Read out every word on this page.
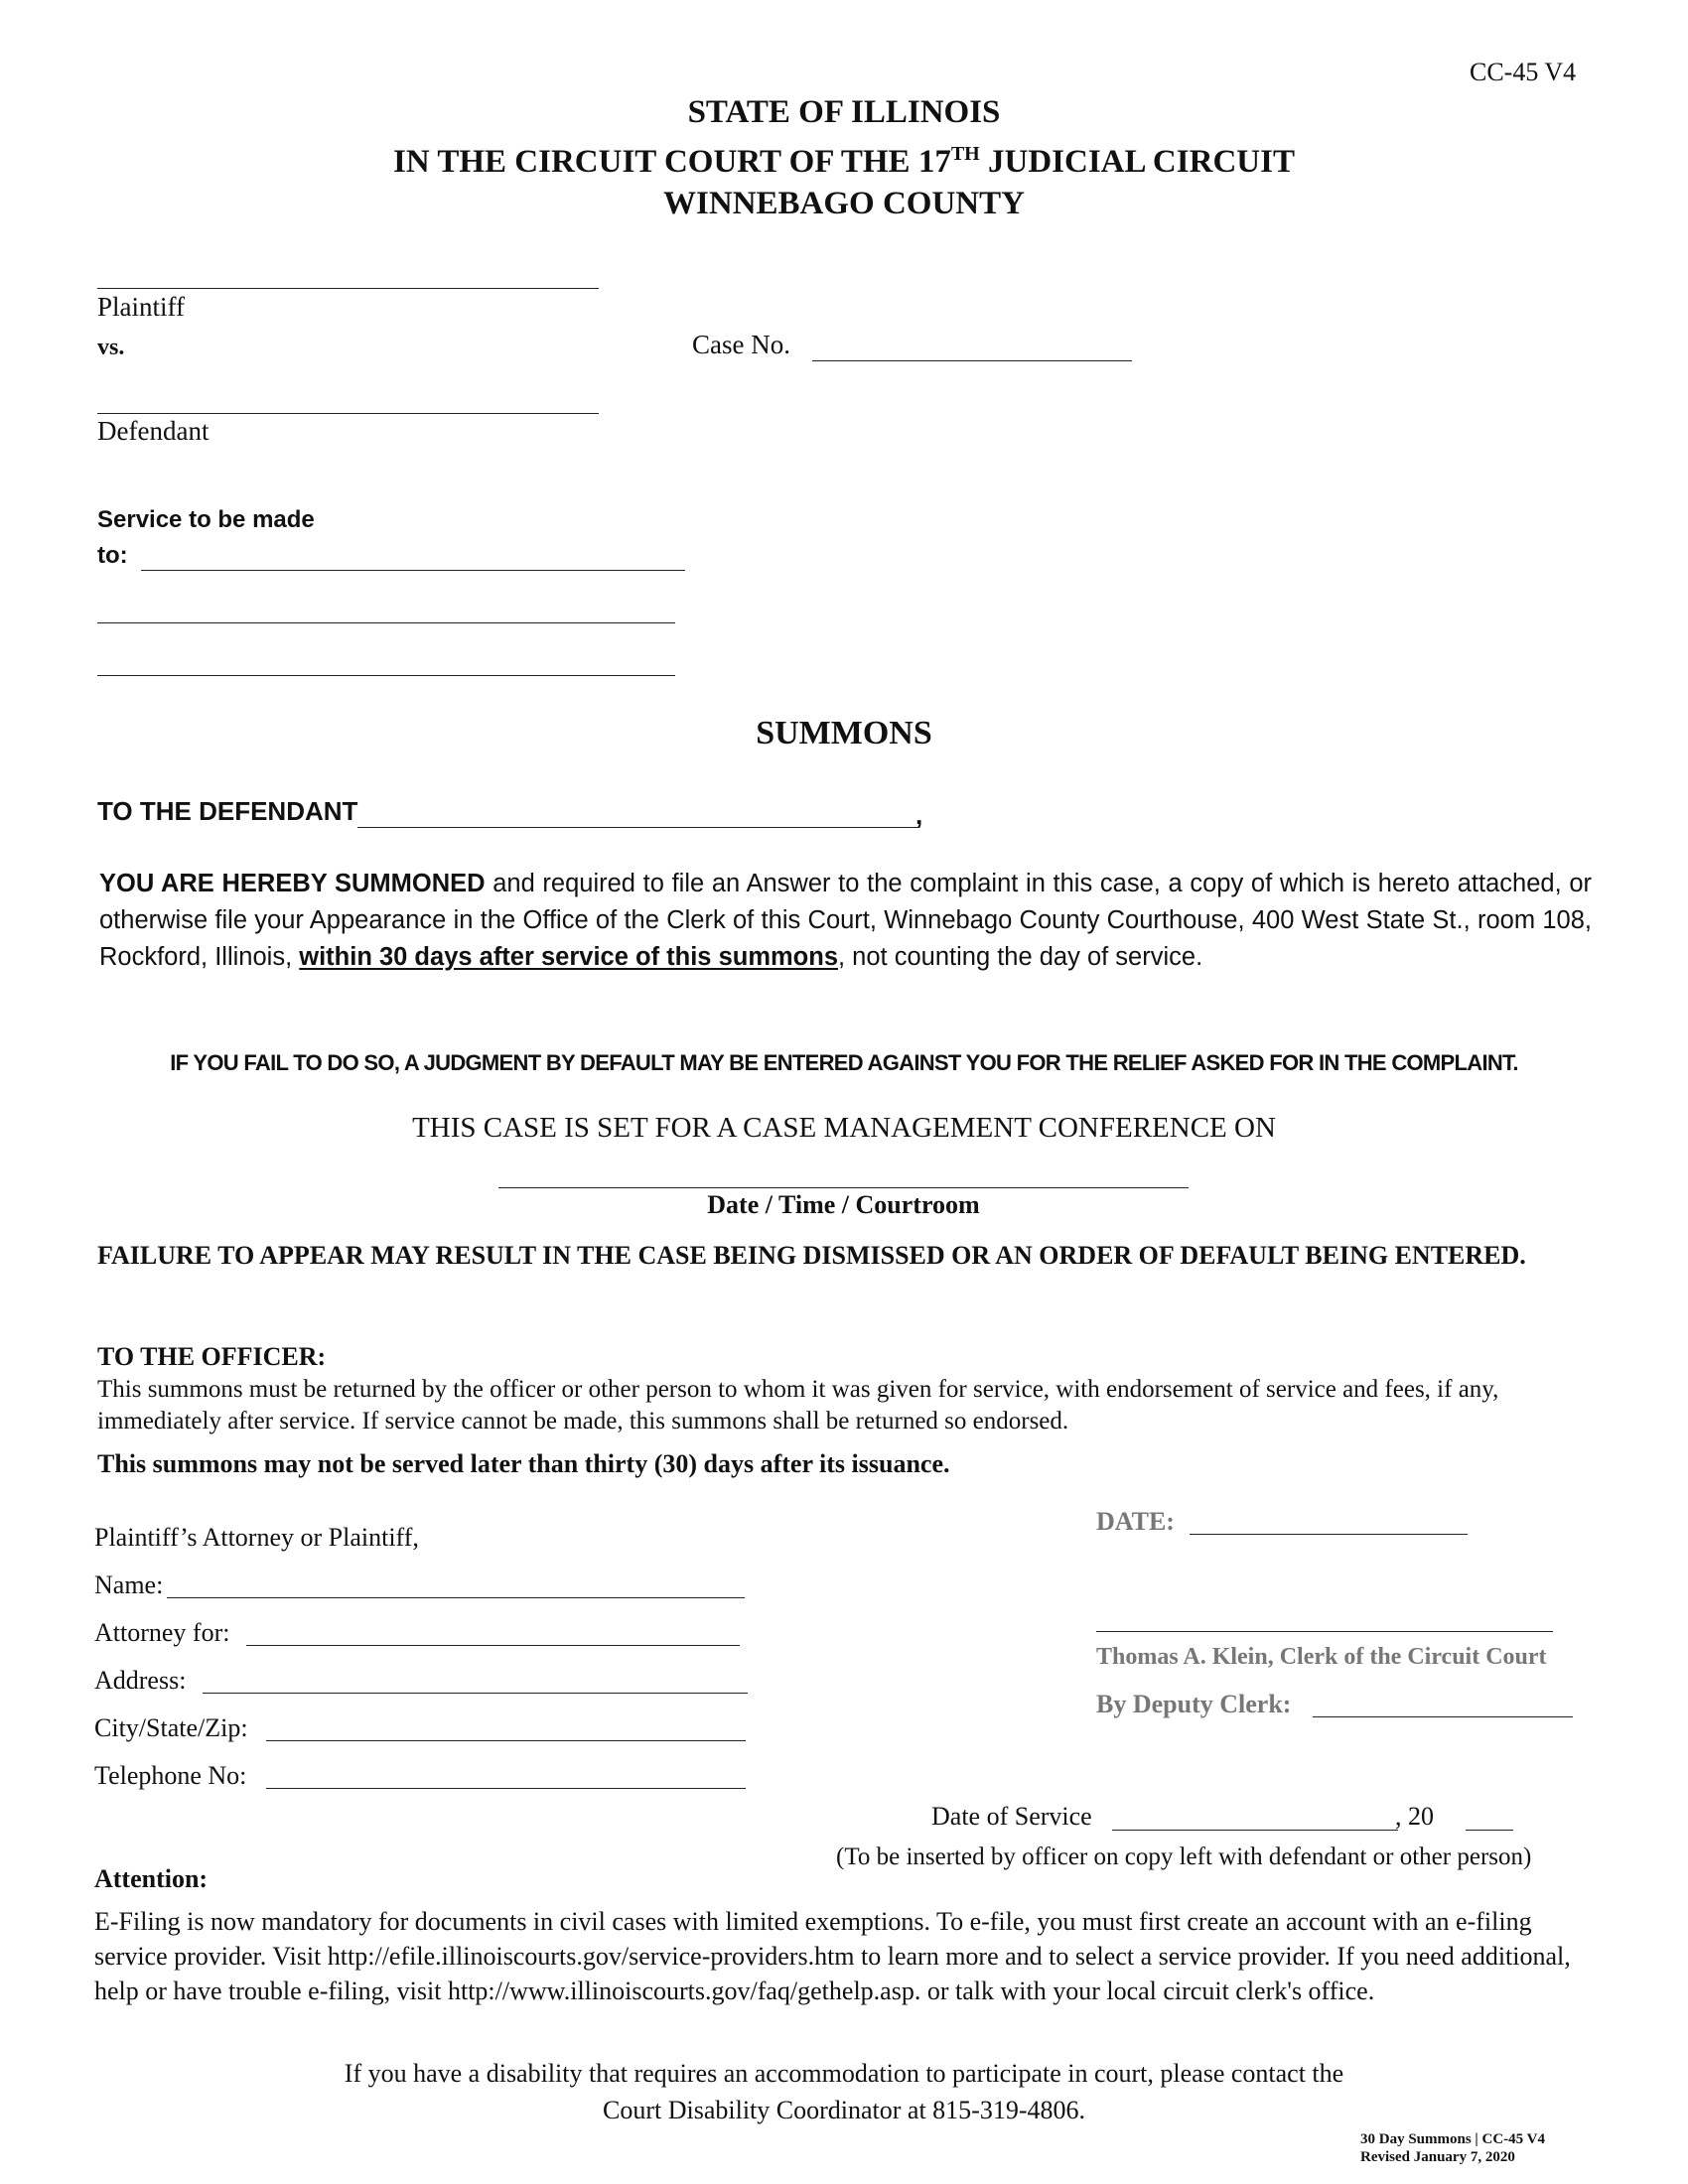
CC-45 V4
STATE OF ILLINOIS
IN THE CIRCUIT COURT OF THE 17TH JUDICIAL CIRCUIT
WINNEBAGO COUNTY
Plaintiff
vs.	Case No.
Defendant
Service to be made
to:
SUMMONS
TO THE DEFENDANT	,
YOU ARE HEREBY SUMMONED and required to file an Answer to the complaint in this case, a copy of which is hereto attached, or otherwise file your Appearance in the Office of the Clerk of this Court, Winnebago County Courthouse, 400 West State St., room 108, Rockford, Illinois, within 30 days after service of this summons, not counting the day of service.
IF YOU FAIL TO DO SO, A JUDGMENT BY DEFAULT MAY BE ENTERED AGAINST YOU FOR THE RELIEF ASKED FOR IN THE COMPLAINT.
THIS CASE IS SET FOR A CASE MANAGEMENT CONFERENCE ON
Date / Time / Courtroom
FAILURE TO APPEAR MAY RESULT IN THE CASE BEING DISMISSED OR AN ORDER OF DEFAULT BEING ENTERED.
TO THE OFFICER:
This summons must be returned by the officer or other person to whom it was given for service, with endorsement of service and fees, if any, immediately after service. If service cannot be made, this summons shall be returned so endorsed.
This summons may not be served later than thirty (30) days after its issuance.
Plaintiff’s Attorney or Plaintiff,
Name:
Attorney for:
Address:
City/State/Zip:
Telephone No:
DATE:
Thomas A. Klein, Clerk of the Circuit Court
By Deputy Clerk:
Date of Service	, 20
(To be inserted by officer on copy left with defendant or other person)
Attention:
E-Filing is now mandatory for documents in civil cases with limited exemptions. To e-file, you must first create an account with an e-filing service provider. Visit http://efile.illinoiscourts.gov/service-providers.htm to learn more and to select a service provider. If you need additional, help or have trouble e-filing, visit http://www.illinoiscourts.gov/faq/gethelp.asp. or talk with your local circuit clerk's office.
If you have a disability that requires an accommodation to participate in court, please contact the
Court Disability Coordinator at 815-319-4806.
30 Day Summons | CC-45 V4
Revised January 7, 2020
